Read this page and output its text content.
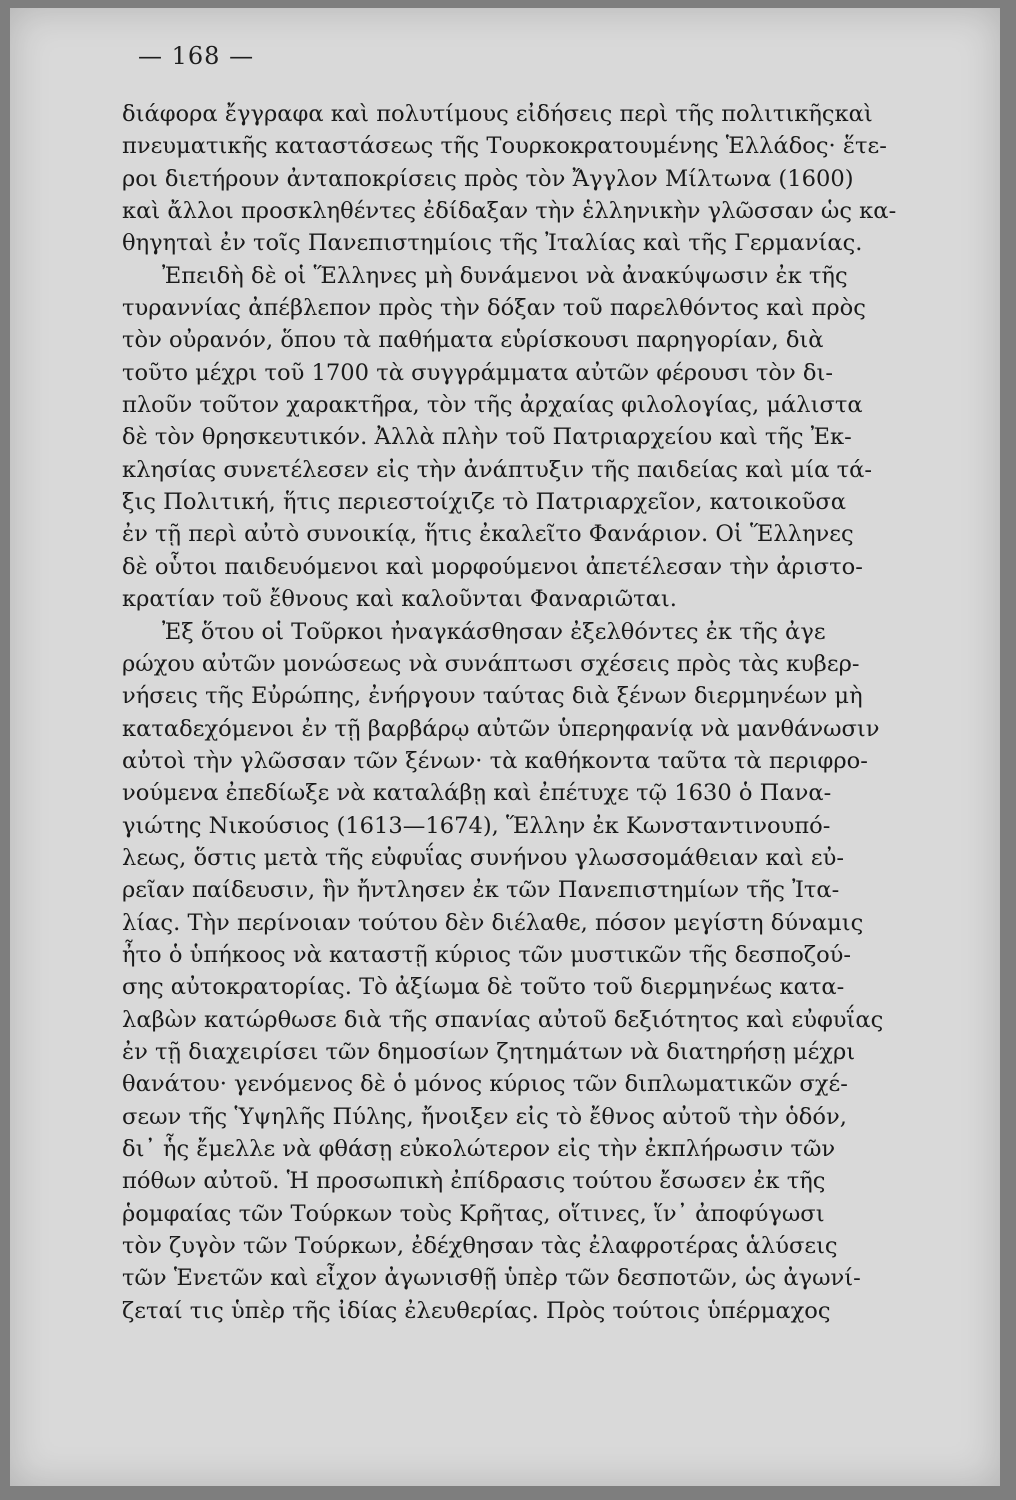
— 168 —
διάφορα ἔγγραφα καὶ πολυτίμους εἰδήσεις περὶ τῆς πολιτικῆςκαὶ
πνευματικῆς καταστάσεως τῆς Τουρκοκρατουμένης Ἑλλάδος· ἕτε-
ροι διετήρουν ἀνταποκρίσεις πρὸς τὸν Ἄγγλον Μίλτωνα (1600)
καὶ ἄλλοι προσκληθέντες ἐδίδαξαν τὴν ἑλληνικὴν γλῶσσαν ὡς κα-
θηγηταὶ ἐν τοῖς Πανεπιστημίοις τῆς Ἰταλίας καὶ τῆς Γερμανίας.
Ἐπειδὴ δὲ οἱ Ἕλληνες μὴ δυνάμενοι νὰ ἀνακύψωσιν ἐκ τῆς
τυραννίας ἀπέβλεπον πρὸς τὴν δόξαν τοῦ παρελθόντος καὶ πρὸς
τὸν οὐρανόν, ὅπου τὰ παθήματα εὑρίσκουσι παρηγορίαν, διὰ
τοῦτο μέχρι τοῦ 1700 τὰ συγγράμματα αὐτῶν φέρουσι τὸν δι-
πλοῦν τοῦτον χαρακτῆρα, τὸν τῆς ἀρχαίας φιλολογίας, μάλιστα
δὲ τὸν θρησκευτικόν. Ἀλλὰ πλὴν τοῦ Πατριαρχείου καὶ τῆς Ἐκ-
κλησίας συνετέλεσεν εἰς τὴν ἀνάπτυξιν τῆς παιδείας καὶ μία τά-
ξις Πολιτική, ἥτις περιεστοίχιζε τὸ Πατριαρχεῖον, κατοικοῦσα
ἐν τῇ περὶ αὐτὸ συνοικίᾳ, ἥτις ἐκαλεῖτο Φανάριον. Οἱ Ἕλληνες
δὲ οὗτοι παιδευόμενοι καὶ μορφούμενοι ἀπετέλεσαν τὴν ἀριστο-
κρατίαν τοῦ ἔθνους καὶ καλοῦνται Φαναριῶται.
Ἐξ ὅτου οἱ Τοῦρκοι ἠναγκάσθησαν ἐξελθόντες ἐκ τῆς ἀγε
ρώχου αὐτῶν μονώσεως νὰ συνάπτωσι σχέσεις πρὸς τὰς κυβερ-
νήσεις τῆς Εὐρώπης, ἐνήργουν ταύτας διὰ ξένων διερμηνέων μὴ
καταδεχόμενοι ἐν τῇ βαρβάρῳ αὐτῶν ὑπερηφανίᾳ νὰ μανθάνωσιν
αὐτοὶ τὴν γλῶσσαν τῶν ξένων· τὰ καθήκοντα ταῦτα τὰ περιφρο-
νούμενα ἐπεδίωξε νὰ καταλάβῃ καὶ ἐπέτυχε τῷ 1630 ὁ Πανα-
γιώτης Νικούσιος (1613—1674), Ἕλλην ἐκ Κωνσταντινουπό-
λεως, ὅστις μετὰ τῆς εὐφυΐας συνήνου γλωσσομάθειαν καὶ εὐ-
ρεῖαν παίδευσιν, ἣν ἤντλησεν ἐκ τῶν Πανεπιστημίων τῆς Ἰτα-
λίας. Τὴν περίνοιαν τούτου δὲν διέλαθε, πόσον μεγίστη δύναμις
ἦτο ὁ ὑπήκοος νὰ καταστῇ κύριος τῶν μυστικῶν τῆς δεσποζού-
σης αὐτοκρατορίας. Τὸ ἀξίωμα δὲ τοῦτο τοῦ διερμηνέως κατα-
λαβὼν κατώρθωσε διὰ τῆς σπανίας αὐτοῦ δεξιότητος καὶ εὐφυΐας
ἐν τῇ διαχειρίσει τῶν δημοσίων ζητημάτων νὰ διατηρήσῃ μέχρι
θανάτου· γενόμενος δὲ ὁ μόνος κύριος τῶν διπλωματικῶν σχέ-
σεων τῆς Ὑψηλῆς Πύλης, ἤνοιξεν εἰς τὸ ἔθνος αὐτοῦ τὴν ὁδόν,
δι᾿ ἧς ἔμελλε νὰ φθάσῃ εὐκολώτερον εἰς τὴν ἐκπλήρωσιν τῶν
πόθων αὐτοῦ. Ἡ προσωπικὴ ἐπίδρασις τούτου ἔσωσεν ἐκ τῆς
ῥομφαίας τῶν Τούρκων τοὺς Κρῆτας, οἵτινες, ἵν᾿ ἀποφύγωσι
τὸν ζυγὸν τῶν Τούρκων, ἐδέχθησαν τὰς ἐλαφροτέρας ἁλύσεις
τῶν Ἑνετῶν καὶ εἶχον ἀγωνισθῇ ὑπὲρ τῶν δεσποτῶν, ὡς ἀγωνί-
ζεταί τις ὑπὲρ τῆς ἰδίας ἐλευθερίας. Πρὸς τούτοις ὑπέρμαχος
